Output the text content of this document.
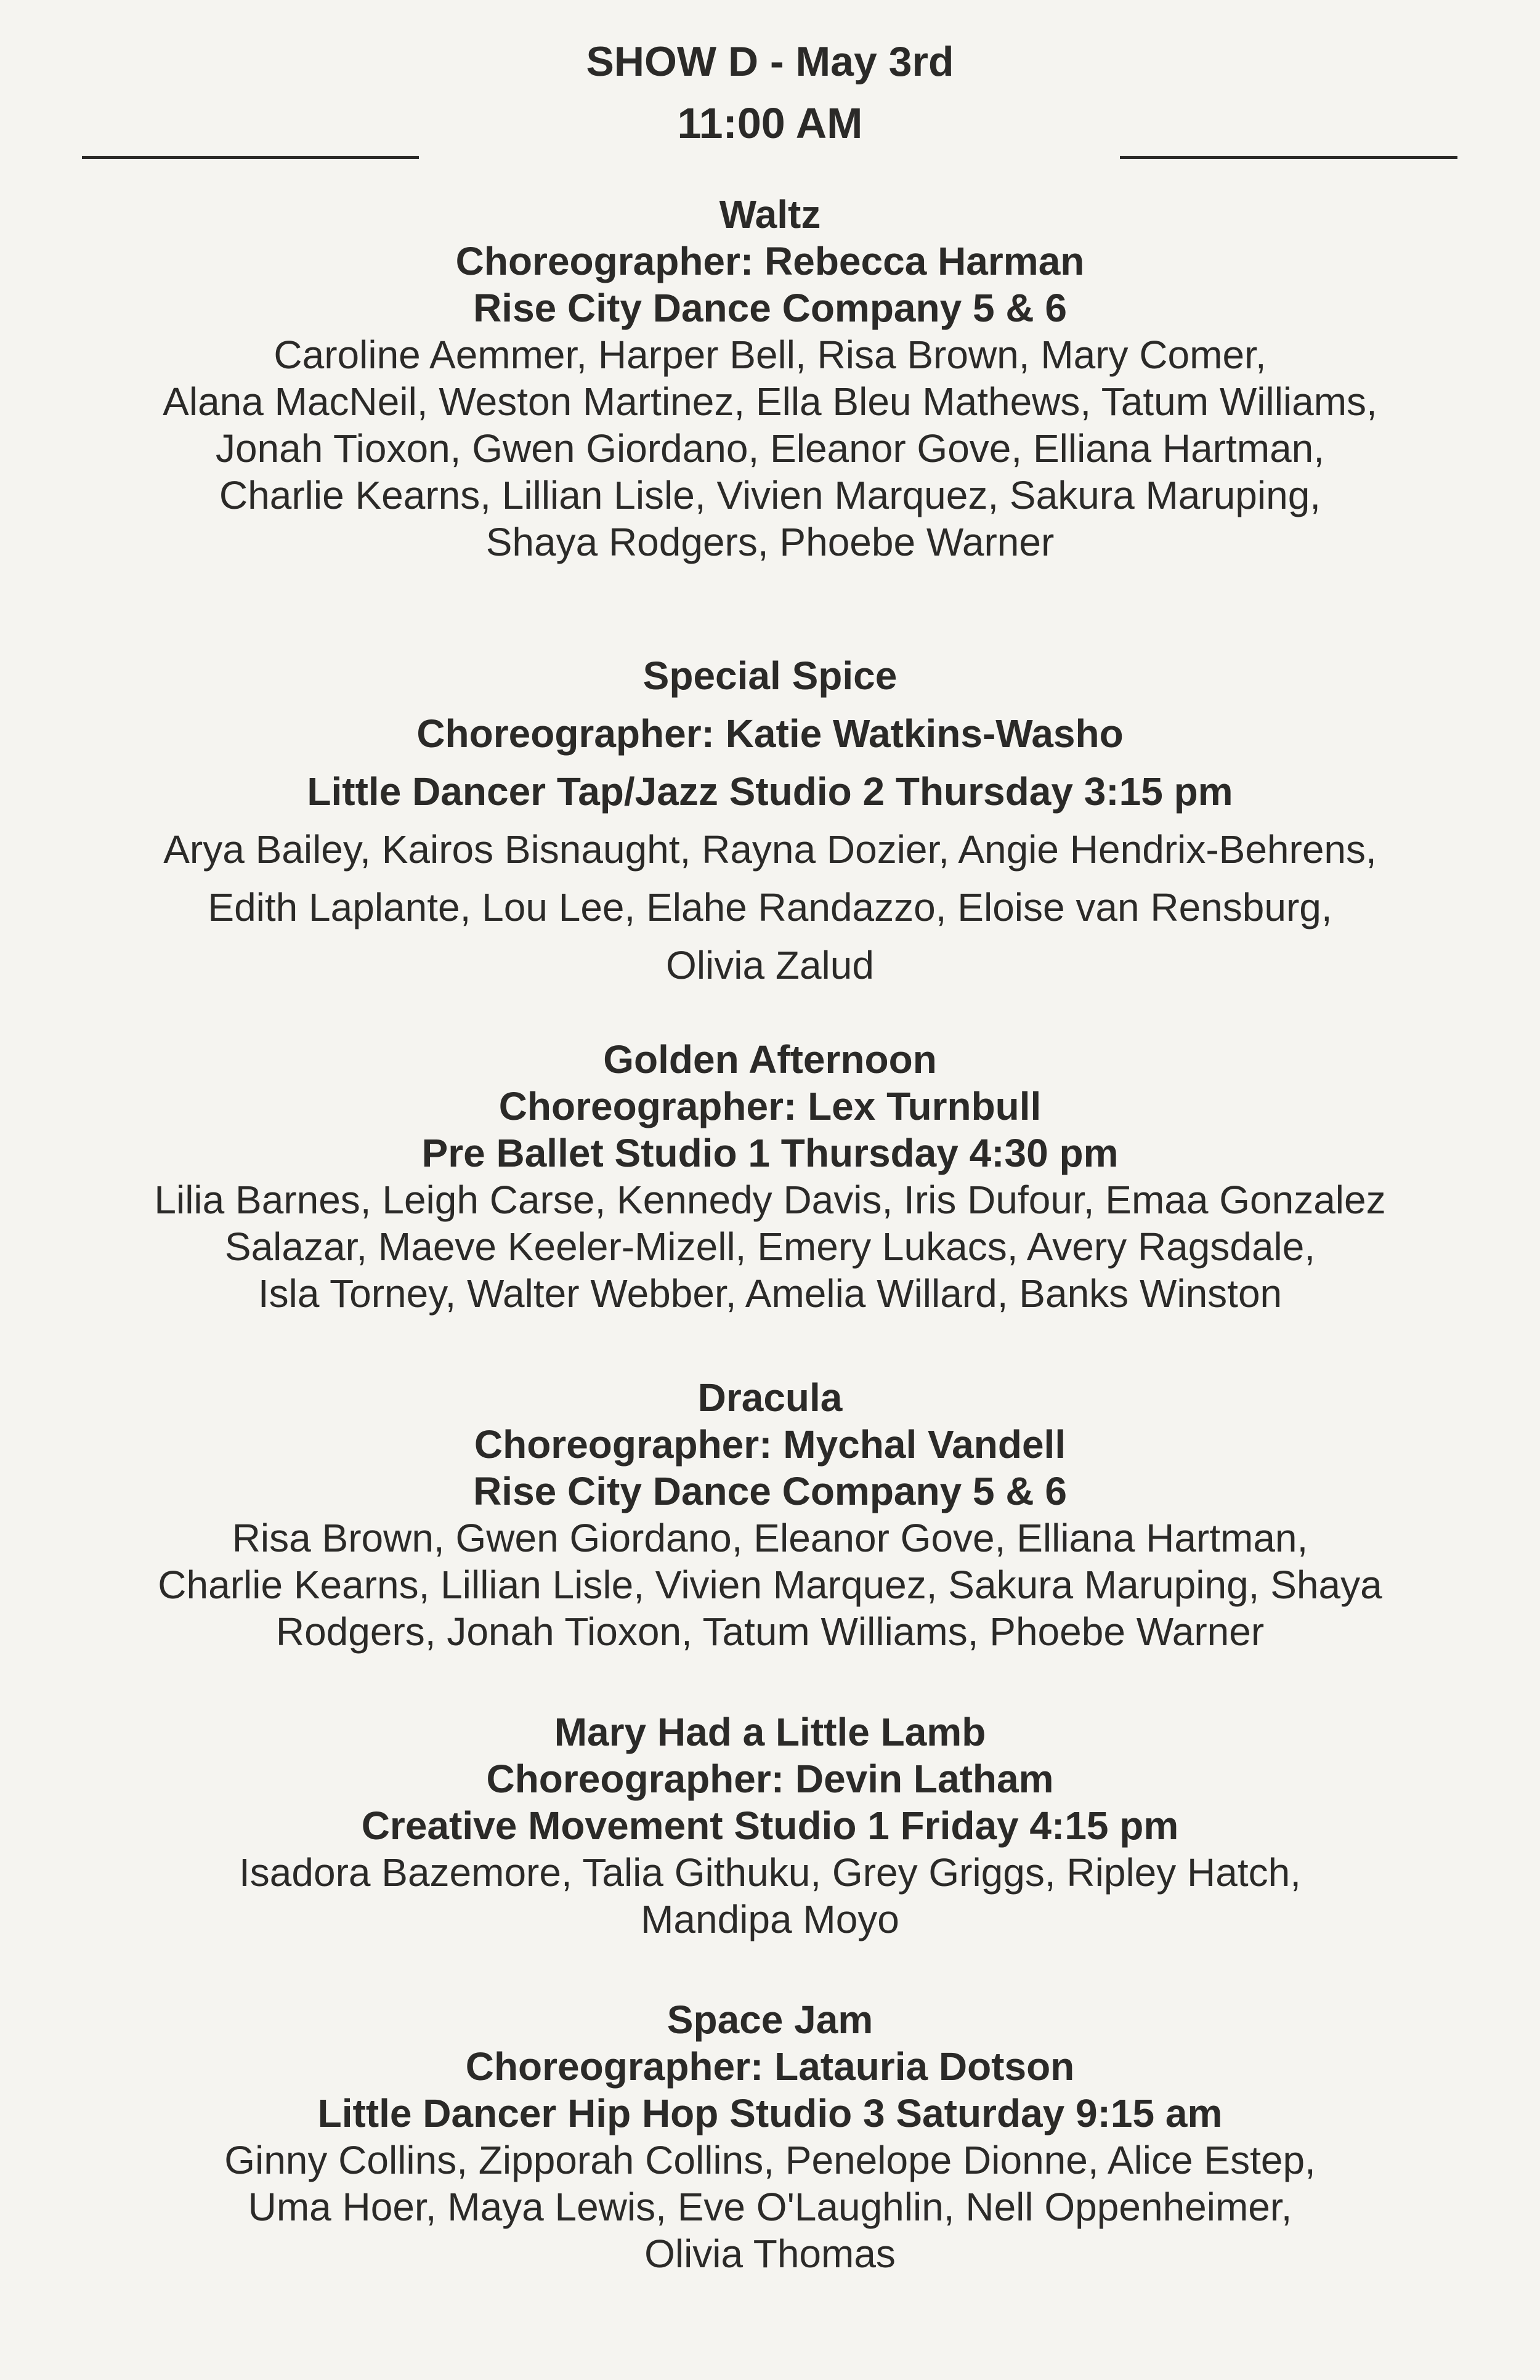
SHOW D - May 3rd

11:00 AM

Waltz
Choreographer: Rebecca Harman
Rise City Dance Company 5 & 6
Caroline Aemmer, Harper Bell, Risa Brown, Mary Comer,
Alana MacNeil, Weston Martinez, Ella Bleu Mathews, Tatum Williams,
Jonah Tioxon, Gwen Giordano, Eleanor Gove, Elliana Hartman,
Charlie Kearns, Lillian Lisle, Vivien Marquez, Sakura Maruping,
Shaya Rodgers, Phoebe Warner
Special Spice
Choreographer: Katie Watkins-Washo
Little Dancer Tap/Jazz Studio 2 Thursday 3:15 pm
Arya Bailey, Kairos Bisnaught, Rayna Dozier, Angie Hendrix-Behrens,
Edith Laplante, Lou Lee, Elahe Randazzo, Eloise van Rensburg,
Olivia Zalud
Golden Afternoon
Choreographer: Lex Turnbull
Pre Ballet Studio 1 Thursday 4:30 pm
Lilia Barnes, Leigh Carse, Kennedy Davis, Iris Dufour, Emaa Gonzalez
Salazar, Maeve Keeler-Mizell, Emery Lukacs, Avery Ragsdale,
Isla Torney, Walter Webber, Amelia Willard, Banks Winston
Dracula
Choreographer: Mychal Vandell
Rise City Dance Company 5 & 6
Risa Brown, Gwen Giordano, Eleanor Gove, Elliana Hartman,
Charlie Kearns, Lillian Lisle, Vivien Marquez, Sakura Maruping, Shaya
Rodgers, Jonah Tioxon, Tatum Williams, Phoebe Warner
Mary Had a Little Lamb
Choreographer: Devin Latham
Creative Movement Studio 1 Friday 4:15 pm
Isadora Bazemore, Talia Githuku, Grey Griggs, Ripley Hatch,
Mandipa Moyo
Space Jam
Choreographer: Latauria Dotson
Little Dancer Hip Hop Studio 3 Saturday 9:15 am
Ginny Collins, Zipporah Collins, Penelope Dionne, Alice Estep,
Uma Hoer, Maya Lewis, Eve O'Laughlin, Nell Oppenheimer,
Olivia Thomas
